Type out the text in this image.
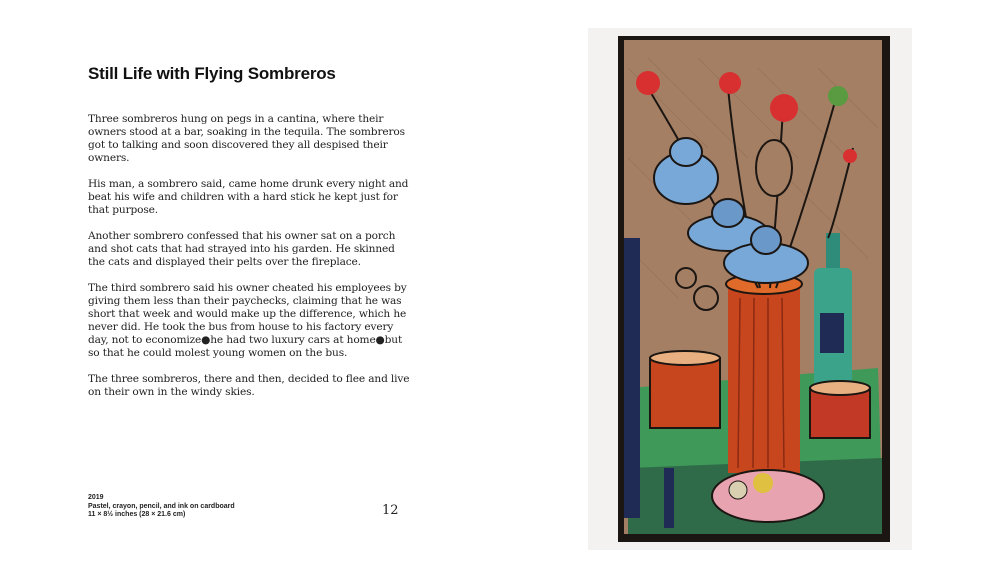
Still Life with Flying Sombreros

Three sombreros hung on pegs in a cantina, where their owners stood at a bar, soaking in the tequila. The sombreros got to talking and soon discovered they all despised their owners.

His man, a sombrero said, came home drunk every night and beat his wife and children with a hard stick he kept just for that purpose.

Another sombrero confessed that his owner sat on a porch and shot cats that had strayed into his garden. He skinned the cats and displayed their pelts over the fireplace.

The third sombrero said his owner cheated his employees by giving them less than their paychecks, claiming that he was short that week and would make up the difference, which he never did. He took the bus from house to his factory every day, not to economize●he had two luxury cars at home●but so that he could molest young women on the bus.

The three sombreros, there and then, decided to flee and live on their own in the windy skies.

2019
Pastel, crayon, pencil, and ink on cardboard
11 × 8½ inches (28 × 21.6 cm)	12
